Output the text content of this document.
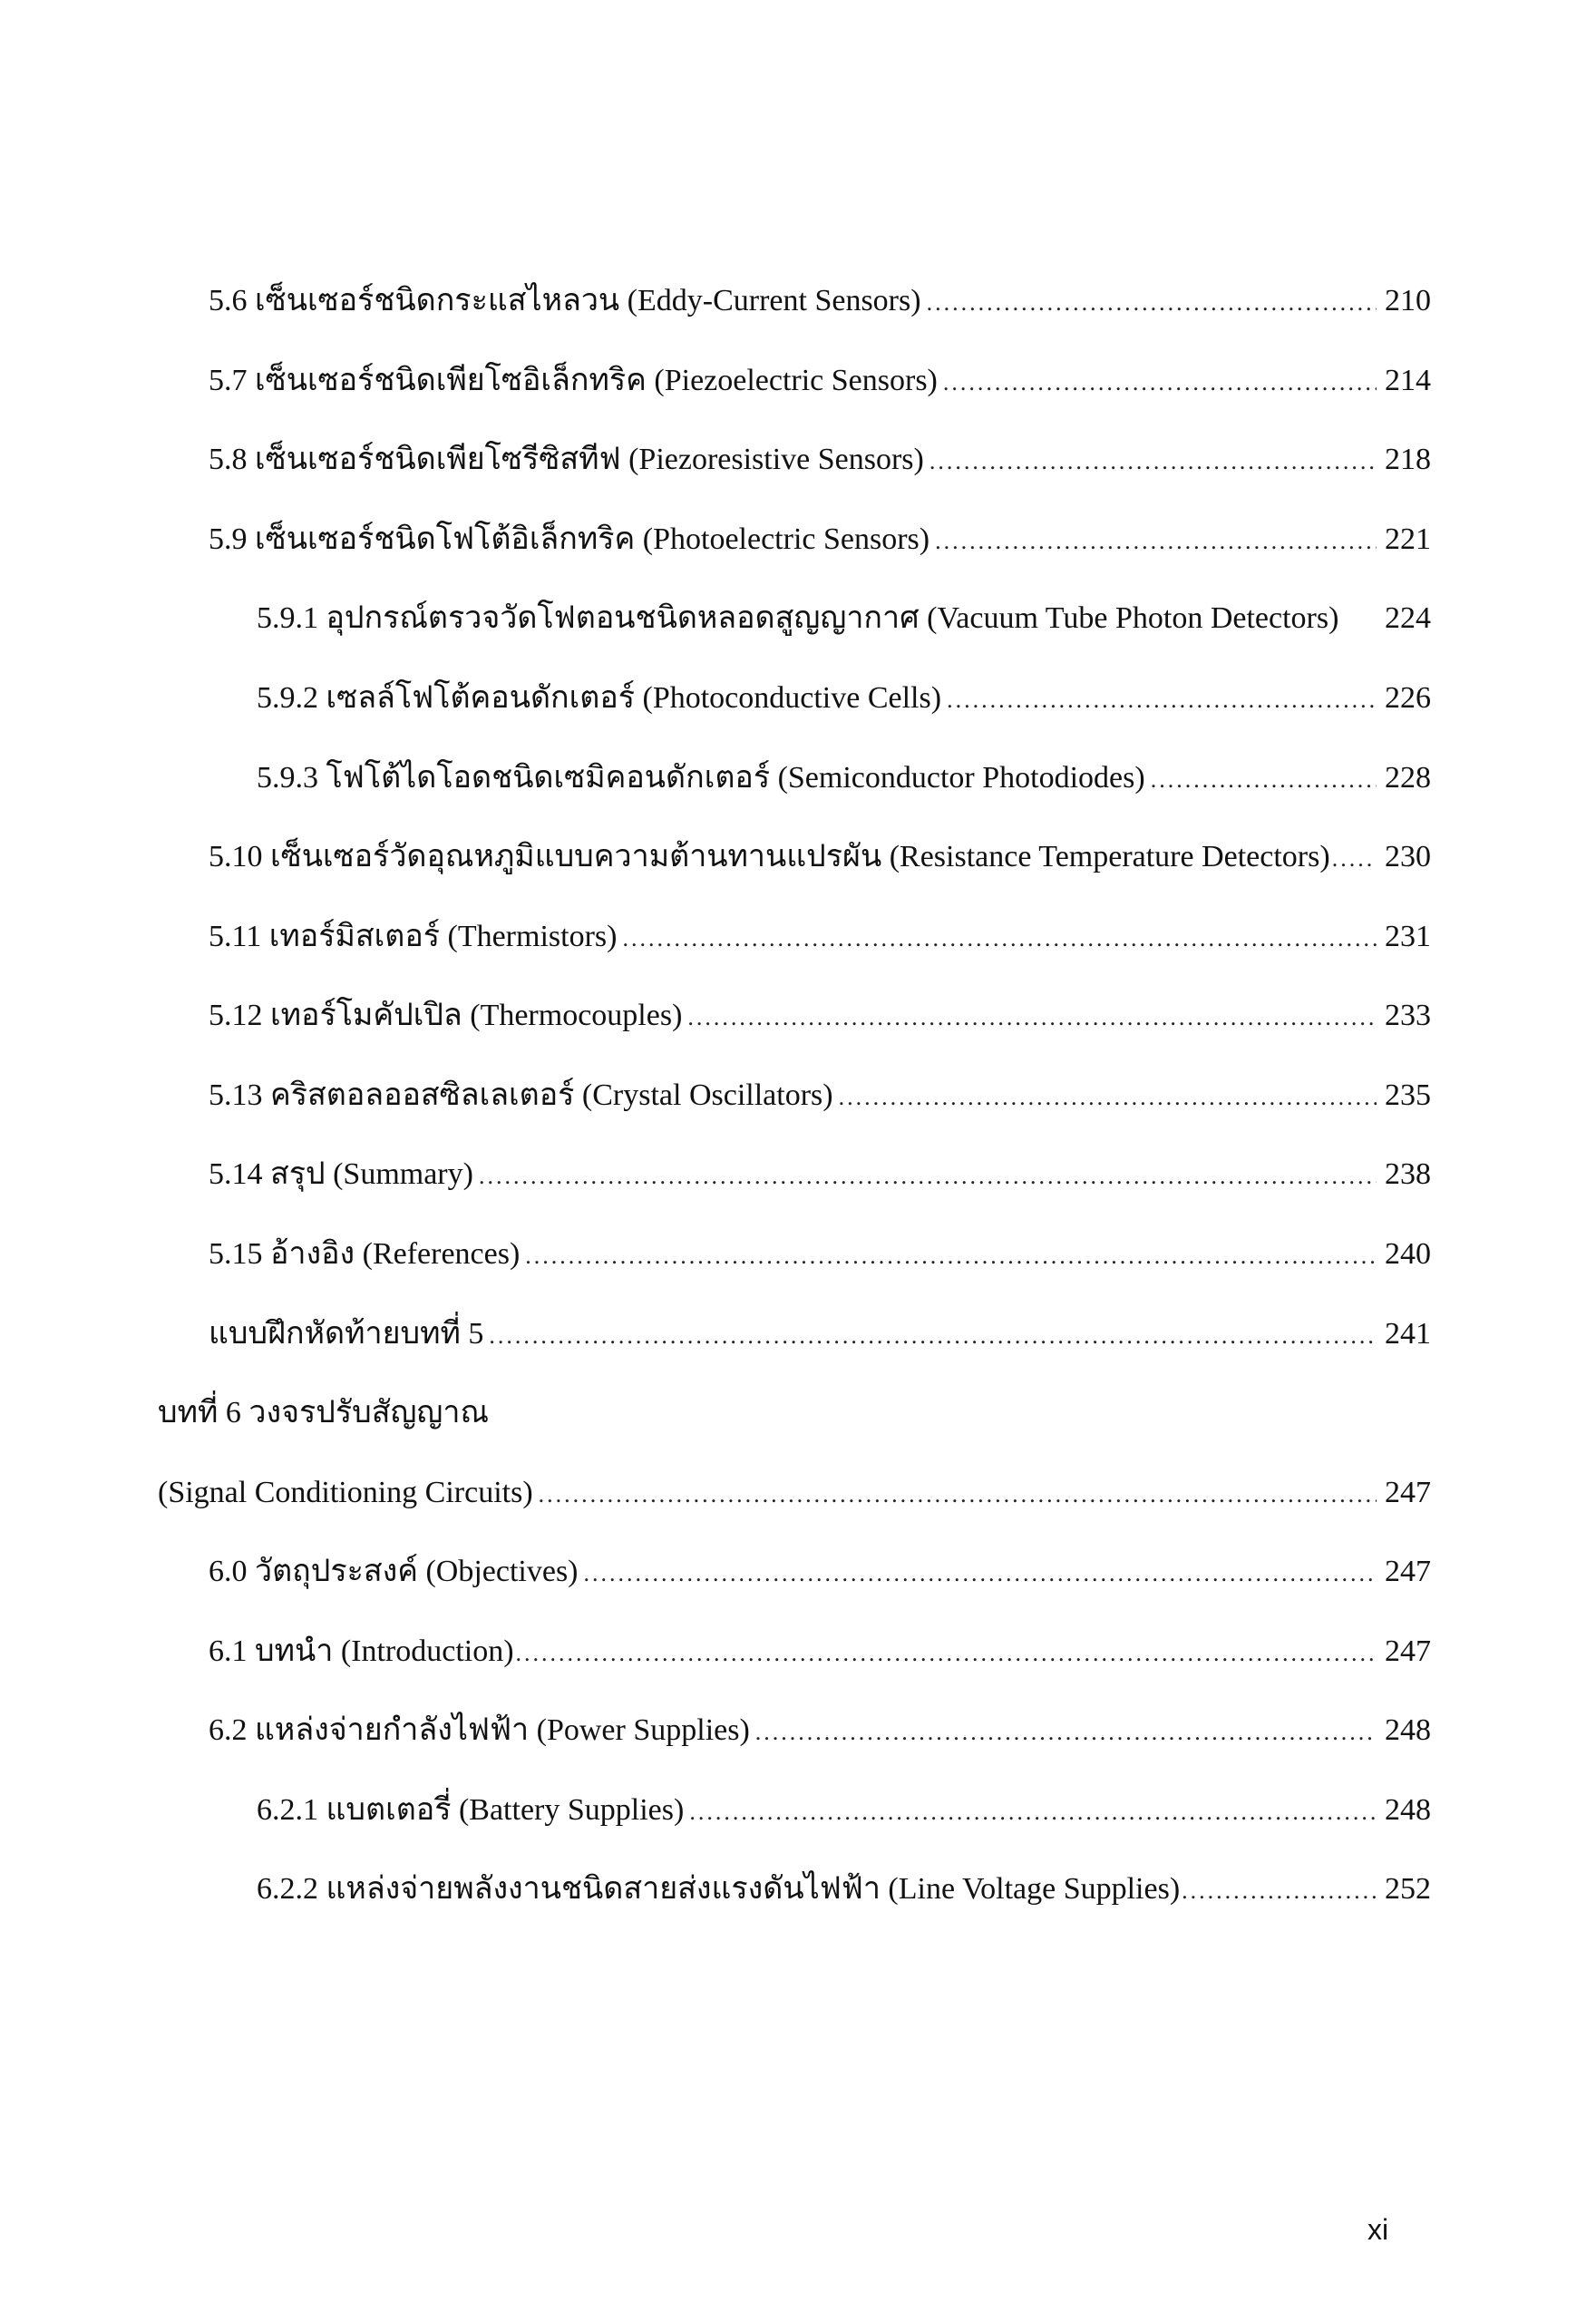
5.6 เซ็นเซอร์ชนิดกระแสไหลวน (Eddy-Current Sensors) .....	210
5.7 เซ็นเซอร์ชนิดเพียโซอิเล็กทริค (Piezoelectric Sensors) .....	214
5.8 เซ็นเซอร์ชนิดเพียโซรีซิสทีฟ (Piezoresistive Sensors) .....	218
5.9 เซ็นเซอร์ชนิดโฟโต้อิเล็กทริค (Photoelectric Sensors) .....	221
5.9.1 อุปกรณ์ตรวจวัดโฟตอนชนิดหลอดสูญญากาศ (Vacuum Tube Photon Detectors) 224
5.9.2 เซลล์โฟโต้คอนดักเตอร์ (Photoconductive Cells) .....	226
5.9.3 โฟโต้ไดโอดชนิดเซมิคอนดักเตอร์ (Semiconductor Photodiodes) .....	228
5.10 เซ็นเซอร์วัดอุณหภูมิแบบความต้านทานแปรผัน (Resistance Temperature Detectors) ..... 230
5.11 เทอร์มิสเตอร์ (Thermistors) .....	231
5.12 เทอร์โมคัปเปิล (Thermocouples) .....	233
5.13 คริสตอลออสซิลเลเตอร์ (Crystal Oscillators) .....	235
5.14 สรุป (Summary) .....	238
5.15 อ้างอิง (References) .....	240
แบบฝึกหัดท้ายบทที่ 5 .....	241
บทที่ 6 วงจรปรับสัญญาณ
(Signal Conditioning Circuits) .....	247
6.0 วัตถุประสงค์ (Objectives) .....	247
6.1 บทนำ (Introduction) .....	247
6.2 แหล่งจ่ายกำลังไฟฟ้า (Power Supplies) .....	248
6.2.1 แบตเตอรี่ (Battery Supplies) .....	248
6.2.2 แหล่งจ่ายพลังงานชนิดสายส่งแรงดันไฟฟ้า (Line Voltage Supplies) .....	252
xi
